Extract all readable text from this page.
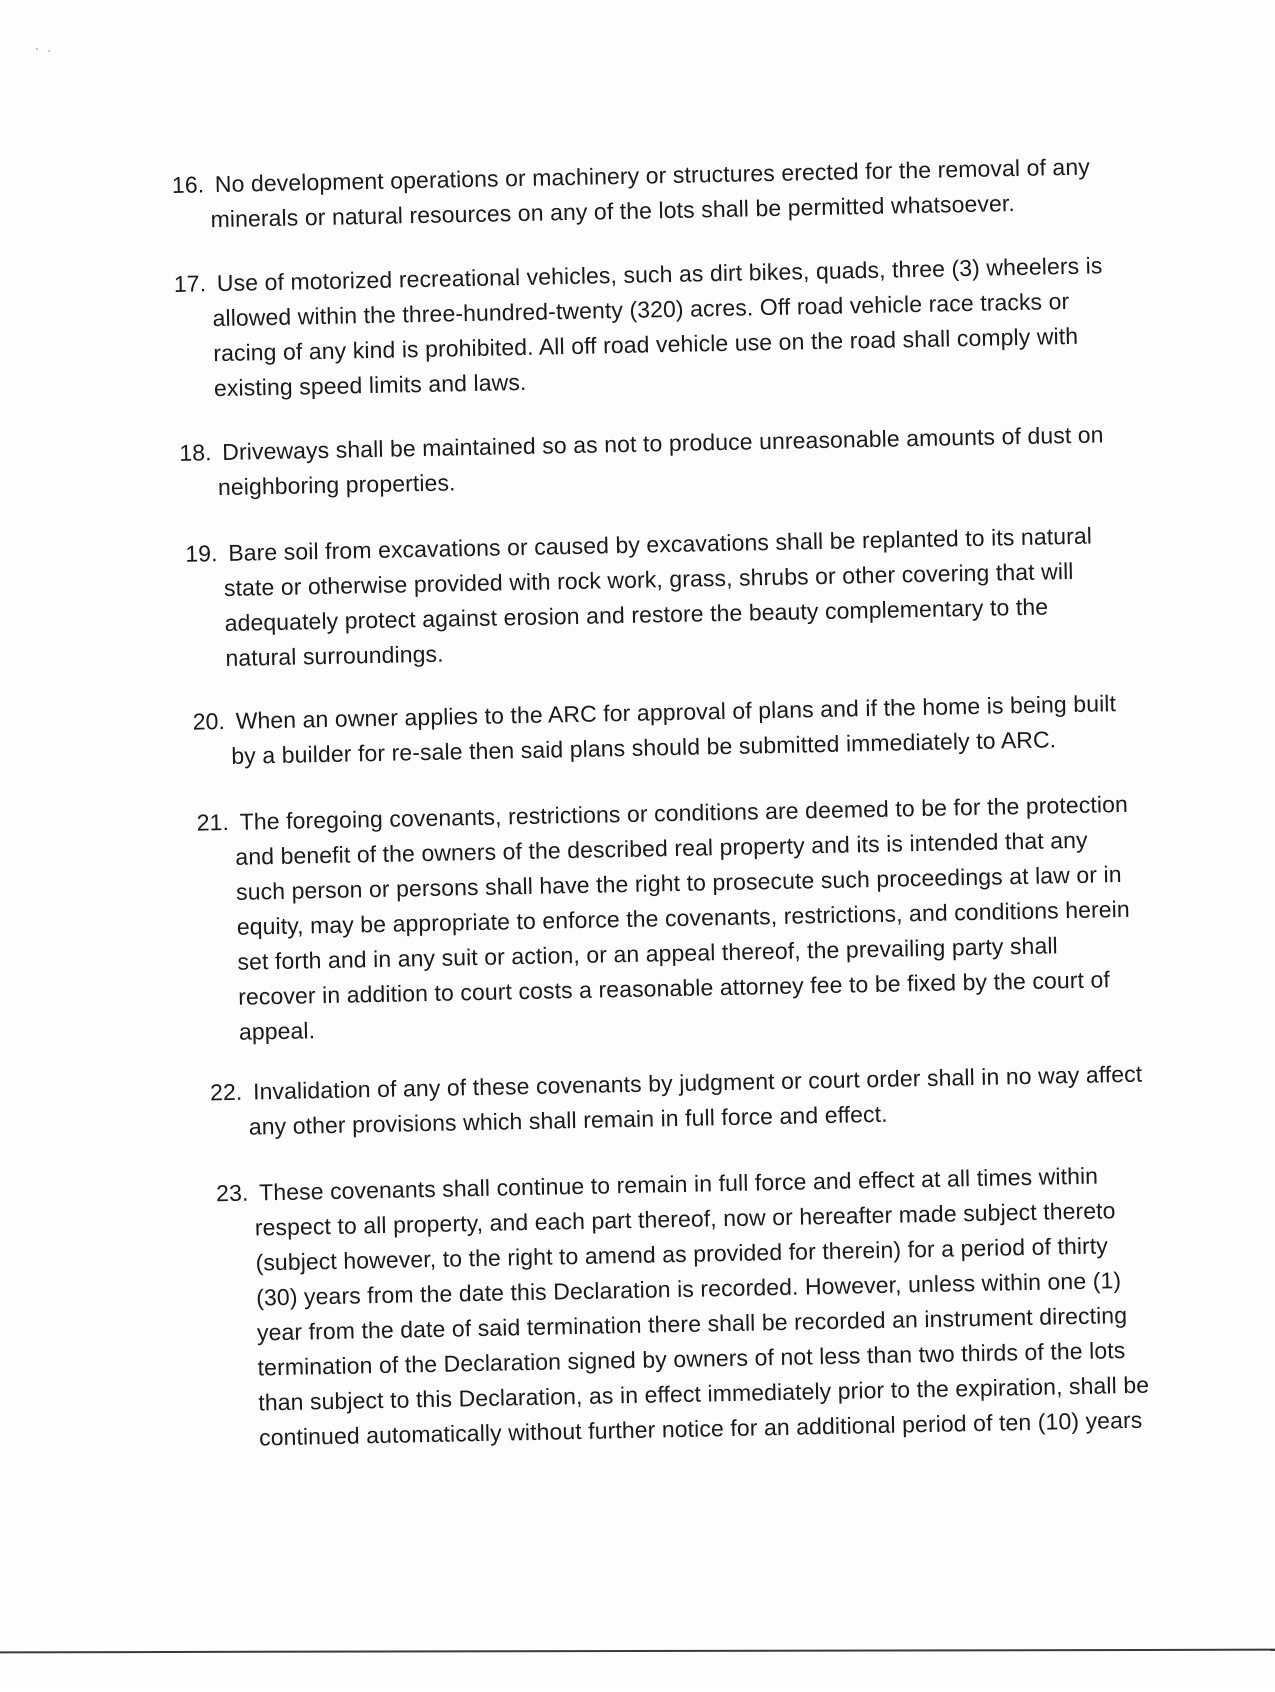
16. No development operations or machinery or structures erected for the removal of any
minerals or natural resources on any of the lots shall be permitted whatsoever.
17. Use of motorized recreational vehicles, such as dirt bikes, quads, three (3) wheelers is
allowed within the three-hundred-twenty (320) acres. Off road vehicle race tracks or
racing of any kind is prohibited. All off road vehicle use on the road shall comply with
existing speed limits and laws.
18. Driveways shall be maintained so as not to produce unreasonable amounts of dust on
neighboring properties.
19. Bare soil from excavations or caused by excavations shall be replanted to its natural
state or otherwise provided with rock work, grass, shrubs or other covering that will
adequately protect against erosion and restore the beauty complementary to the
natural surroundings.
20. When an owner applies to the ARC for approval of plans and if the home is being built
by a builder for re-sale then said plans should be submitted immediately to ARC.
21. The foregoing covenants, restrictions or conditions are deemed to be for the protection
and benefit of the owners of the described real property and its is intended that any
such person or persons shall have the right to prosecute such proceedings at law or in
equity, may be appropriate to enforce the covenants, restrictions, and conditions herein
set forth and in any suit or action, or an appeal thereof, the prevailing party shall
recover in addition to court costs a reasonable attorney fee to be fixed by the court of
appeal.
22. Invalidation of any of these covenants by judgment or court order shall in no way affect
any other provisions which shall remain in full force and effect.
23. These covenants shall continue to remain in full force and effect at all times within
respect to all property, and each part thereof, now or hereafter made subject thereto
(subject however, to the right to amend as provided for therein) for a period of thirty
(30) years from the date this Declaration is recorded. However, unless within one (1)
year from the date of said termination there shall be recorded an instrument directing
termination of the Declaration signed by owners of not less than two thirds of the lots
than subject to this Declaration, as in effect immediately prior to the expiration, shall be
continued automatically without further notice for an additional period of ten (10) years
